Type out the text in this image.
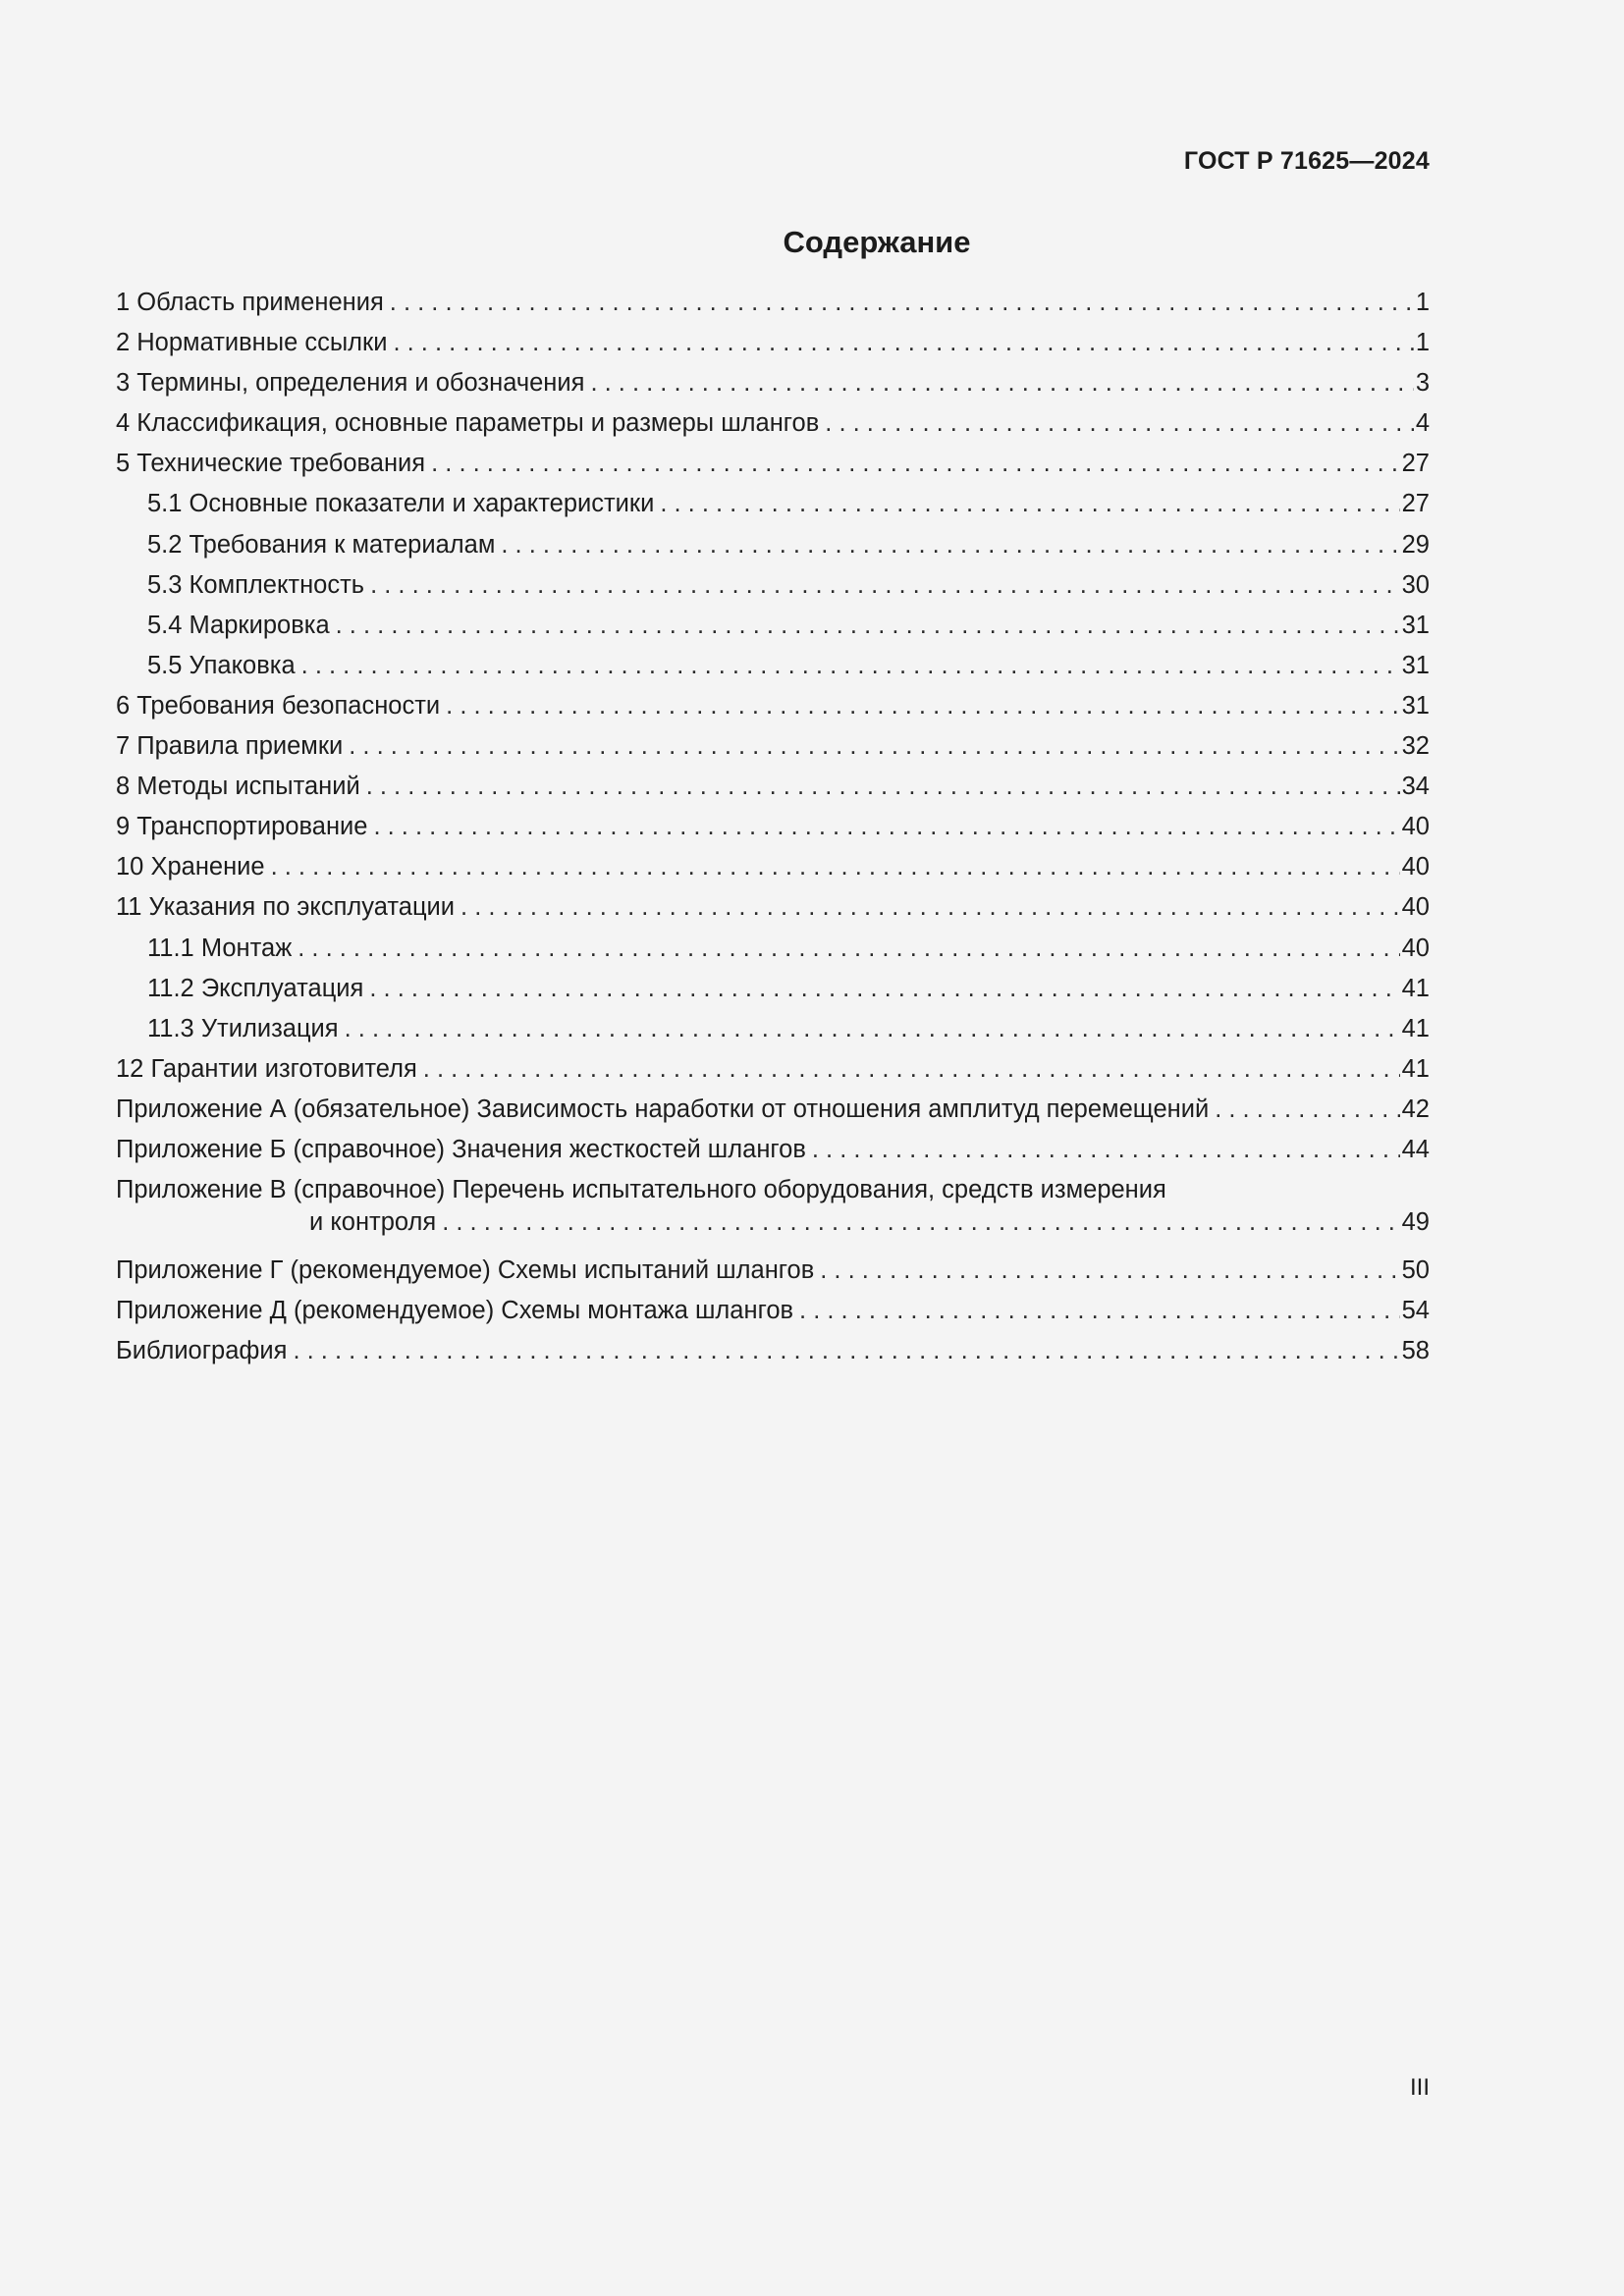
ГОСТ Р 71625—2024
Содержание
1 Область применения . . .	1
2 Нормативные ссылки . . .	1
3 Термины, определения и обозначения . . .	3
4 Классификация, основные параметры и размеры шлангов . . .	4
5 Технические требования . . .	27
5.1 Основные показатели и характеристики . . .	27
5.2 Требования к материалам . . .	29
5.3 Комплектность . . .	30
5.4 Маркировка . . .	31
5.5 Упаковка . . .	31
6 Требования безопасности . . .	31
7 Правила приемки . . .	32
8 Методы испытаний . . .	34
9 Транспортирование . . .	40
10 Хранение . . .	40
11 Указания по эксплуатации . . .	40
11.1 Монтаж . . .	40
11.2 Эксплуатация . . .	41
11.3 Утилизация . . .	41
12 Гарантии изготовителя . . .	41
Приложение А (обязательное) Зависимость наработки от отношения амплитуд перемещений . . .	42
Приложение Б (справочное) Значения жесткостей шлангов . . .	44
Приложение В (справочное) Перечень испытательного оборудования, средств измерения
и контроля . . .	49
Приложение Г (рекомендуемое) Схемы испытаний шлангов . . .	50
Приложение Д (рекомендуемое) Схемы монтажа шлангов . . .	54
Библиография . . .	58
III
